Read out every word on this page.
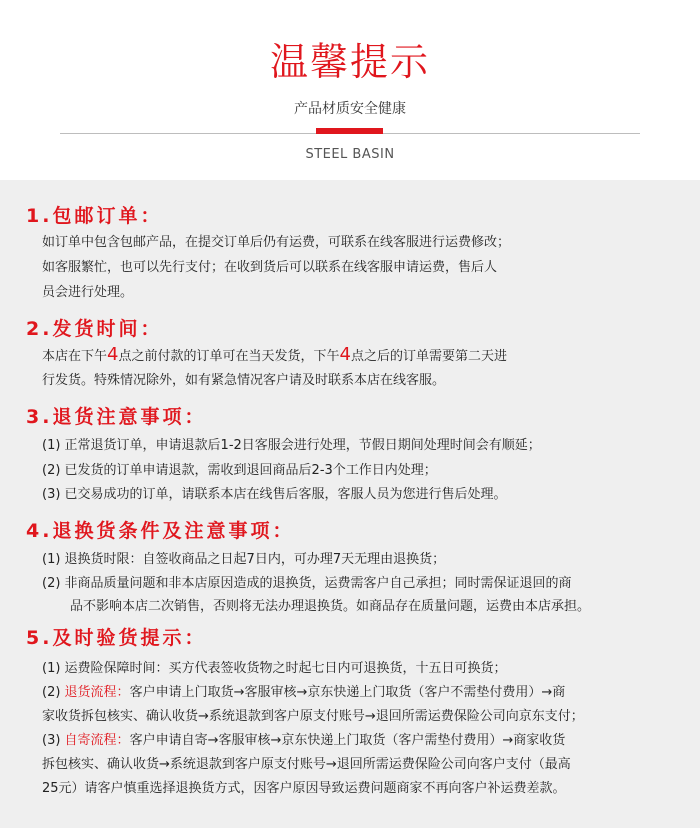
温馨提示
产品材质安全健康
STEEL BASIN
1.包邮订单：
如订单中包含包邮产品，在提交订单后仍有运费，可联系在线客服进行运费修改；
如客服繁忙，也可以先行支付；在收到货后可以联系在线客服申请运费，售后人
员会进行处理。
2.发货时间：
本店在下午4点之前付款的订单可在当天发货，下午4点之后的订单需要第二天进
行发货。特殊情况除外，如有紧急情况客户请及时联系本店在线客服。
3.退货注意事项：
(1) 正常退货订单，申请退款后1-2日客服会进行处理，节假日期间处理时间会有顺延；
(2) 已发货的订单申请退款，需收到退回商品后2-3个工作日内处理；
(3) 已交易成功的订单，请联系本店在线售后客服，客服人员为您进行售后处理。
4.退换货条件及注意事项：
(1) 退换货时限：自签收商品之日起7日内，可办理7天无理由退换货；
(2) 非商品质量问题和非本店原因造成的退换货，运费需客户自己承担；同时需保证退回的商
品不影响本店二次销售，否则将无法办理退换货。如商品存在质量问题，运费由本店承担。
5.及时验货提示：
(1) 运费险保障时间：买方代表签收货物之时起七日内可退换货，十五日可换货；
(2) 退货流程：客户申请上门取货→客服审核→京东快递上门取货（客户不需垫付费用）→商
家收货拆包核实、确认收货→系统退款到客户原支付账号→退回所需运费保险公司向京东支付；
(3) 自寄流程：客户申请自寄→客服审核→京东快递上门取货（客户需垫付费用）→商家收货
拆包核实、确认收货→系统退款到客户原支付账号→退回所需运费保险公司向客户支付（最高
25元）请客户慎重选择退换货方式，因客户原因导致运费问题商家不再向客户补运费差款。
